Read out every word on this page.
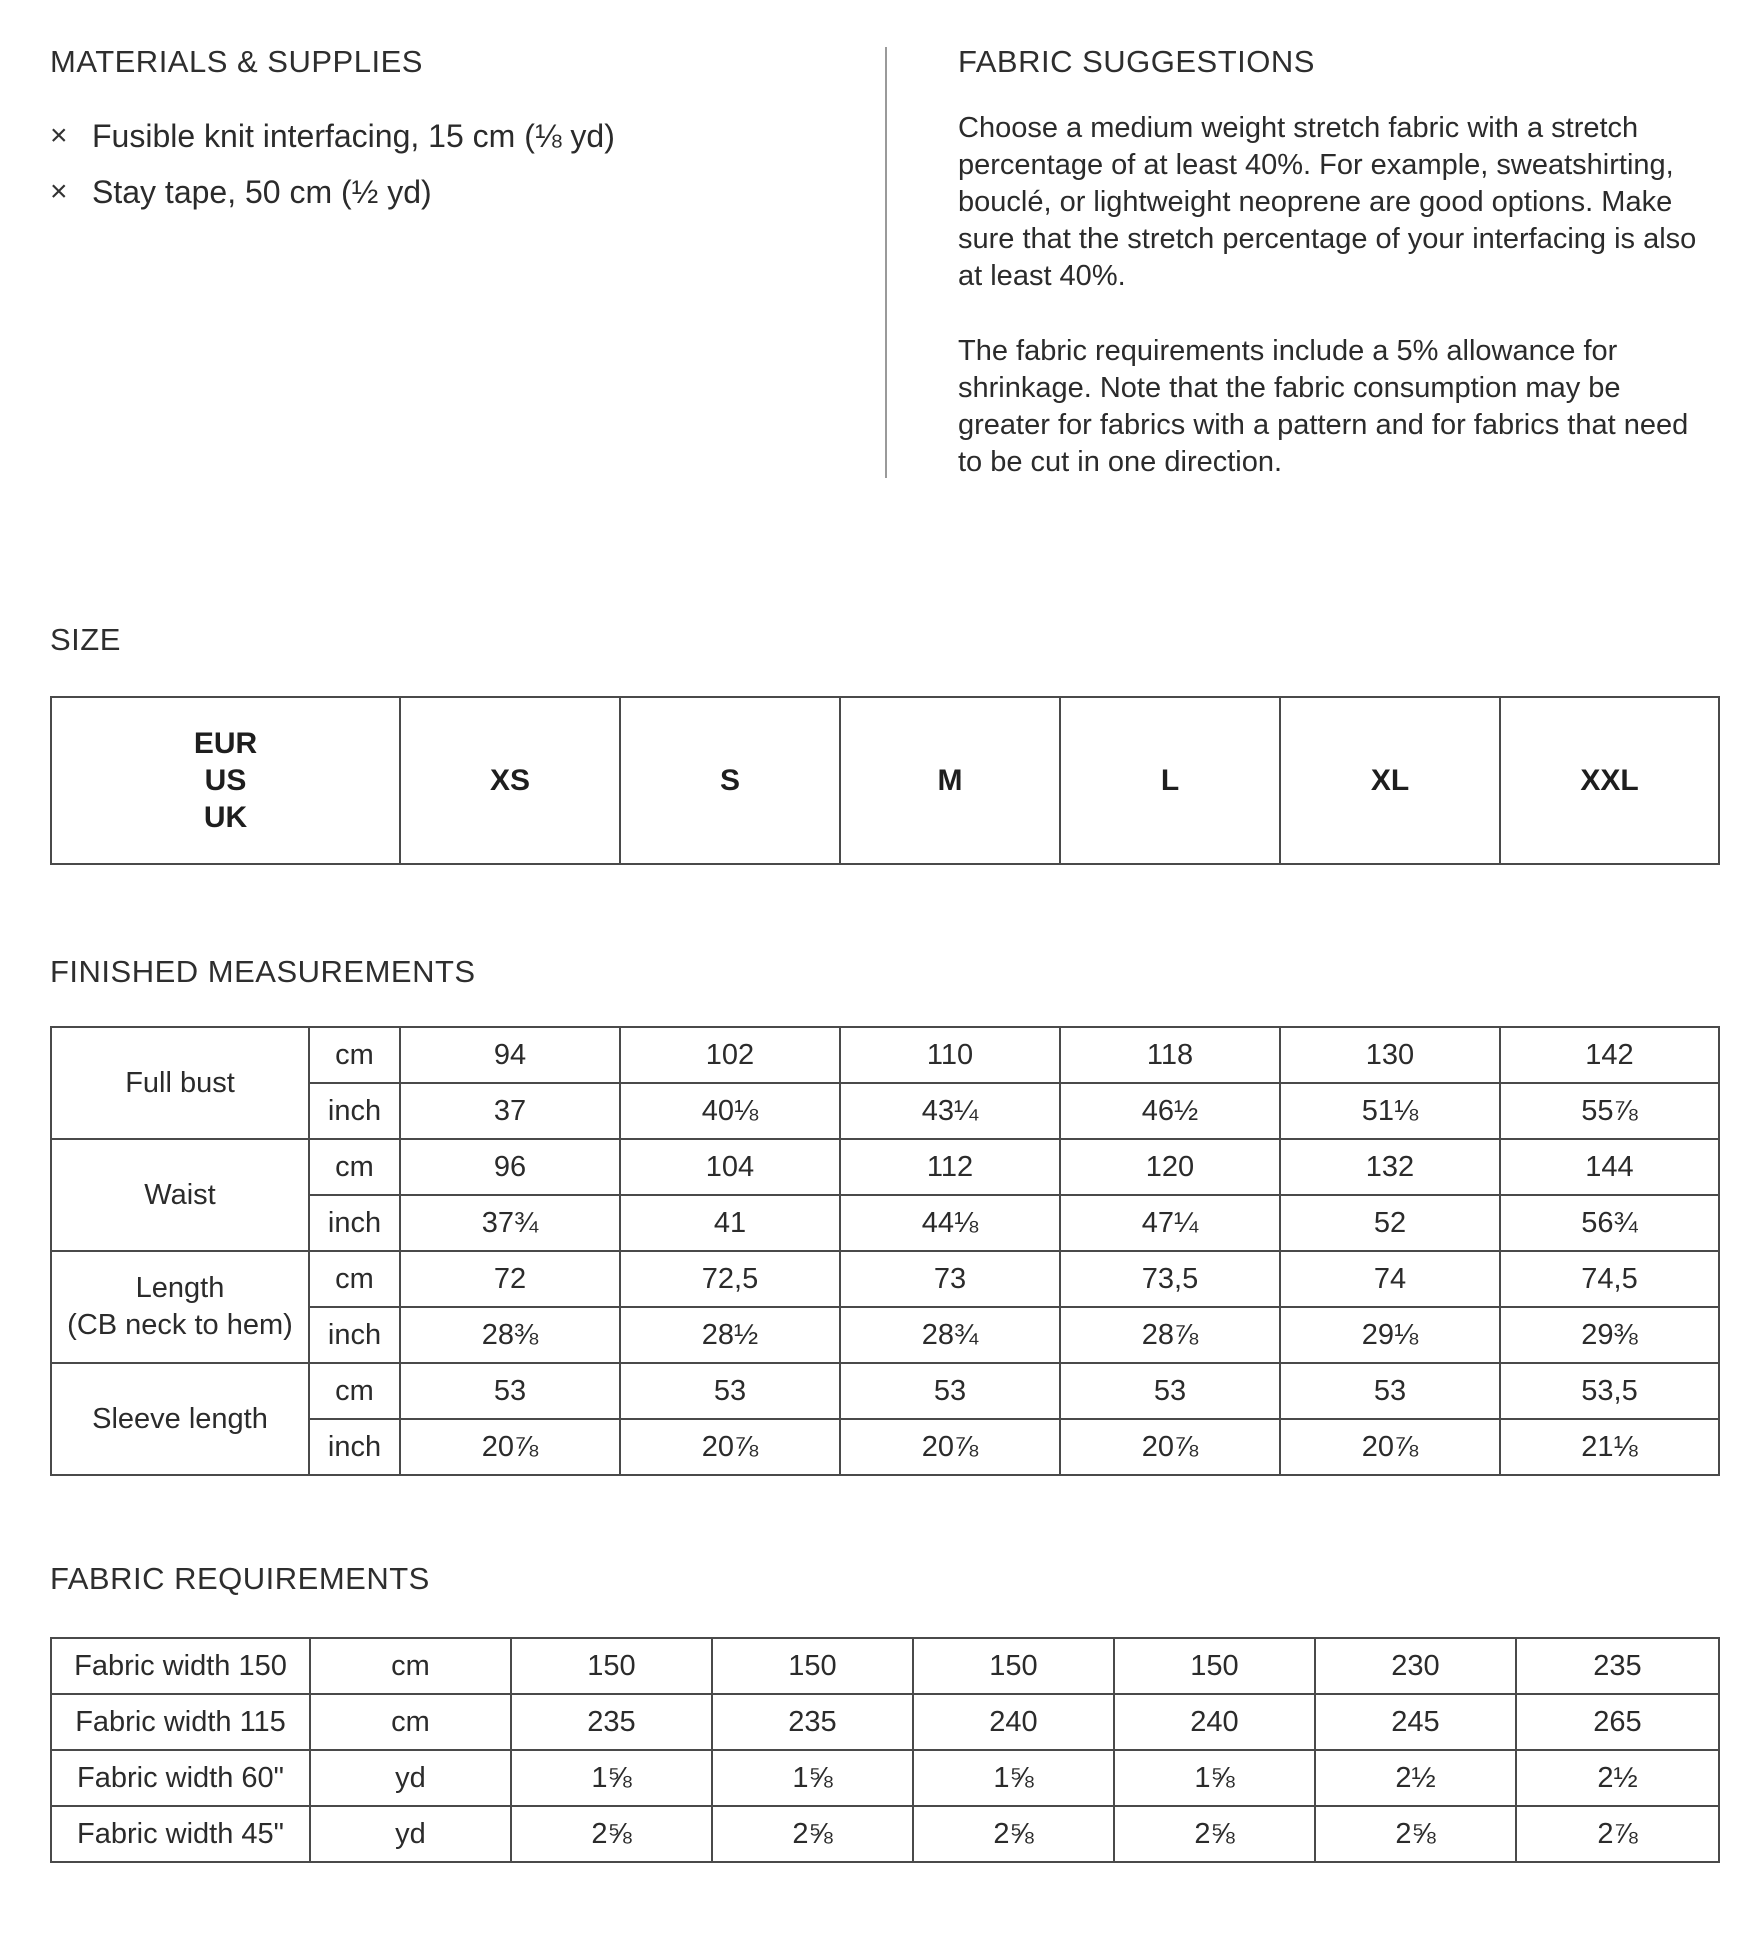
MATERIALS & SUPPLIES
× Fusible knit interfacing, 15 cm (⅛ yd)
× Stay tape, 50 cm (½ yd)
FABRIC SUGGESTIONS

Choose a medium weight stretch fabric with a stretch percentage of at least 40%. For example, sweatshirting, bouclé, or lightweight neoprene are good options. Make sure that the stretch percentage of your interfacing is also at least 40%.

The fabric requirements include a 5% allowance for shrinkage. Note that the fabric consumption may be greater for fabrics with a pattern and for fabrics that need to be cut in one direction.

SIZE
EUR
US
UK
	XS	S	M	L	XL	XXL
FINISHED MEASUREMENTS
Full bust	cm	94	102	110	118	130	142
	inch	37	40⅛	43¼	46½	51⅛	55⅞

Waist	cm	96	104	112	120	132	144
	inch	37¾	41	44⅛	47¼	52	56¾

Length
(CB neck to hem)	cm	72	72,5	73	73,5	74	74,5
	inch	28⅜	28½	28¾	28⅞	29⅛	29⅜

Sleeve length	cm	53	53	53	53	53	53,5
	inch	20⅞	20⅞	20⅞	20⅞	20⅞	21⅛
FABRIC REQUIREMENTS
Fabric width 150	cm	150	150	150	150	230	235
Fabric width 115	cm	235	235	240	240	245	265
Fabric width 60"	yd	1⅝	1⅝	1⅝	1⅝	2½	2½
Fabric width 45"	yd	2⅝	2⅝	2⅝	2⅝	2⅝	2⅞
